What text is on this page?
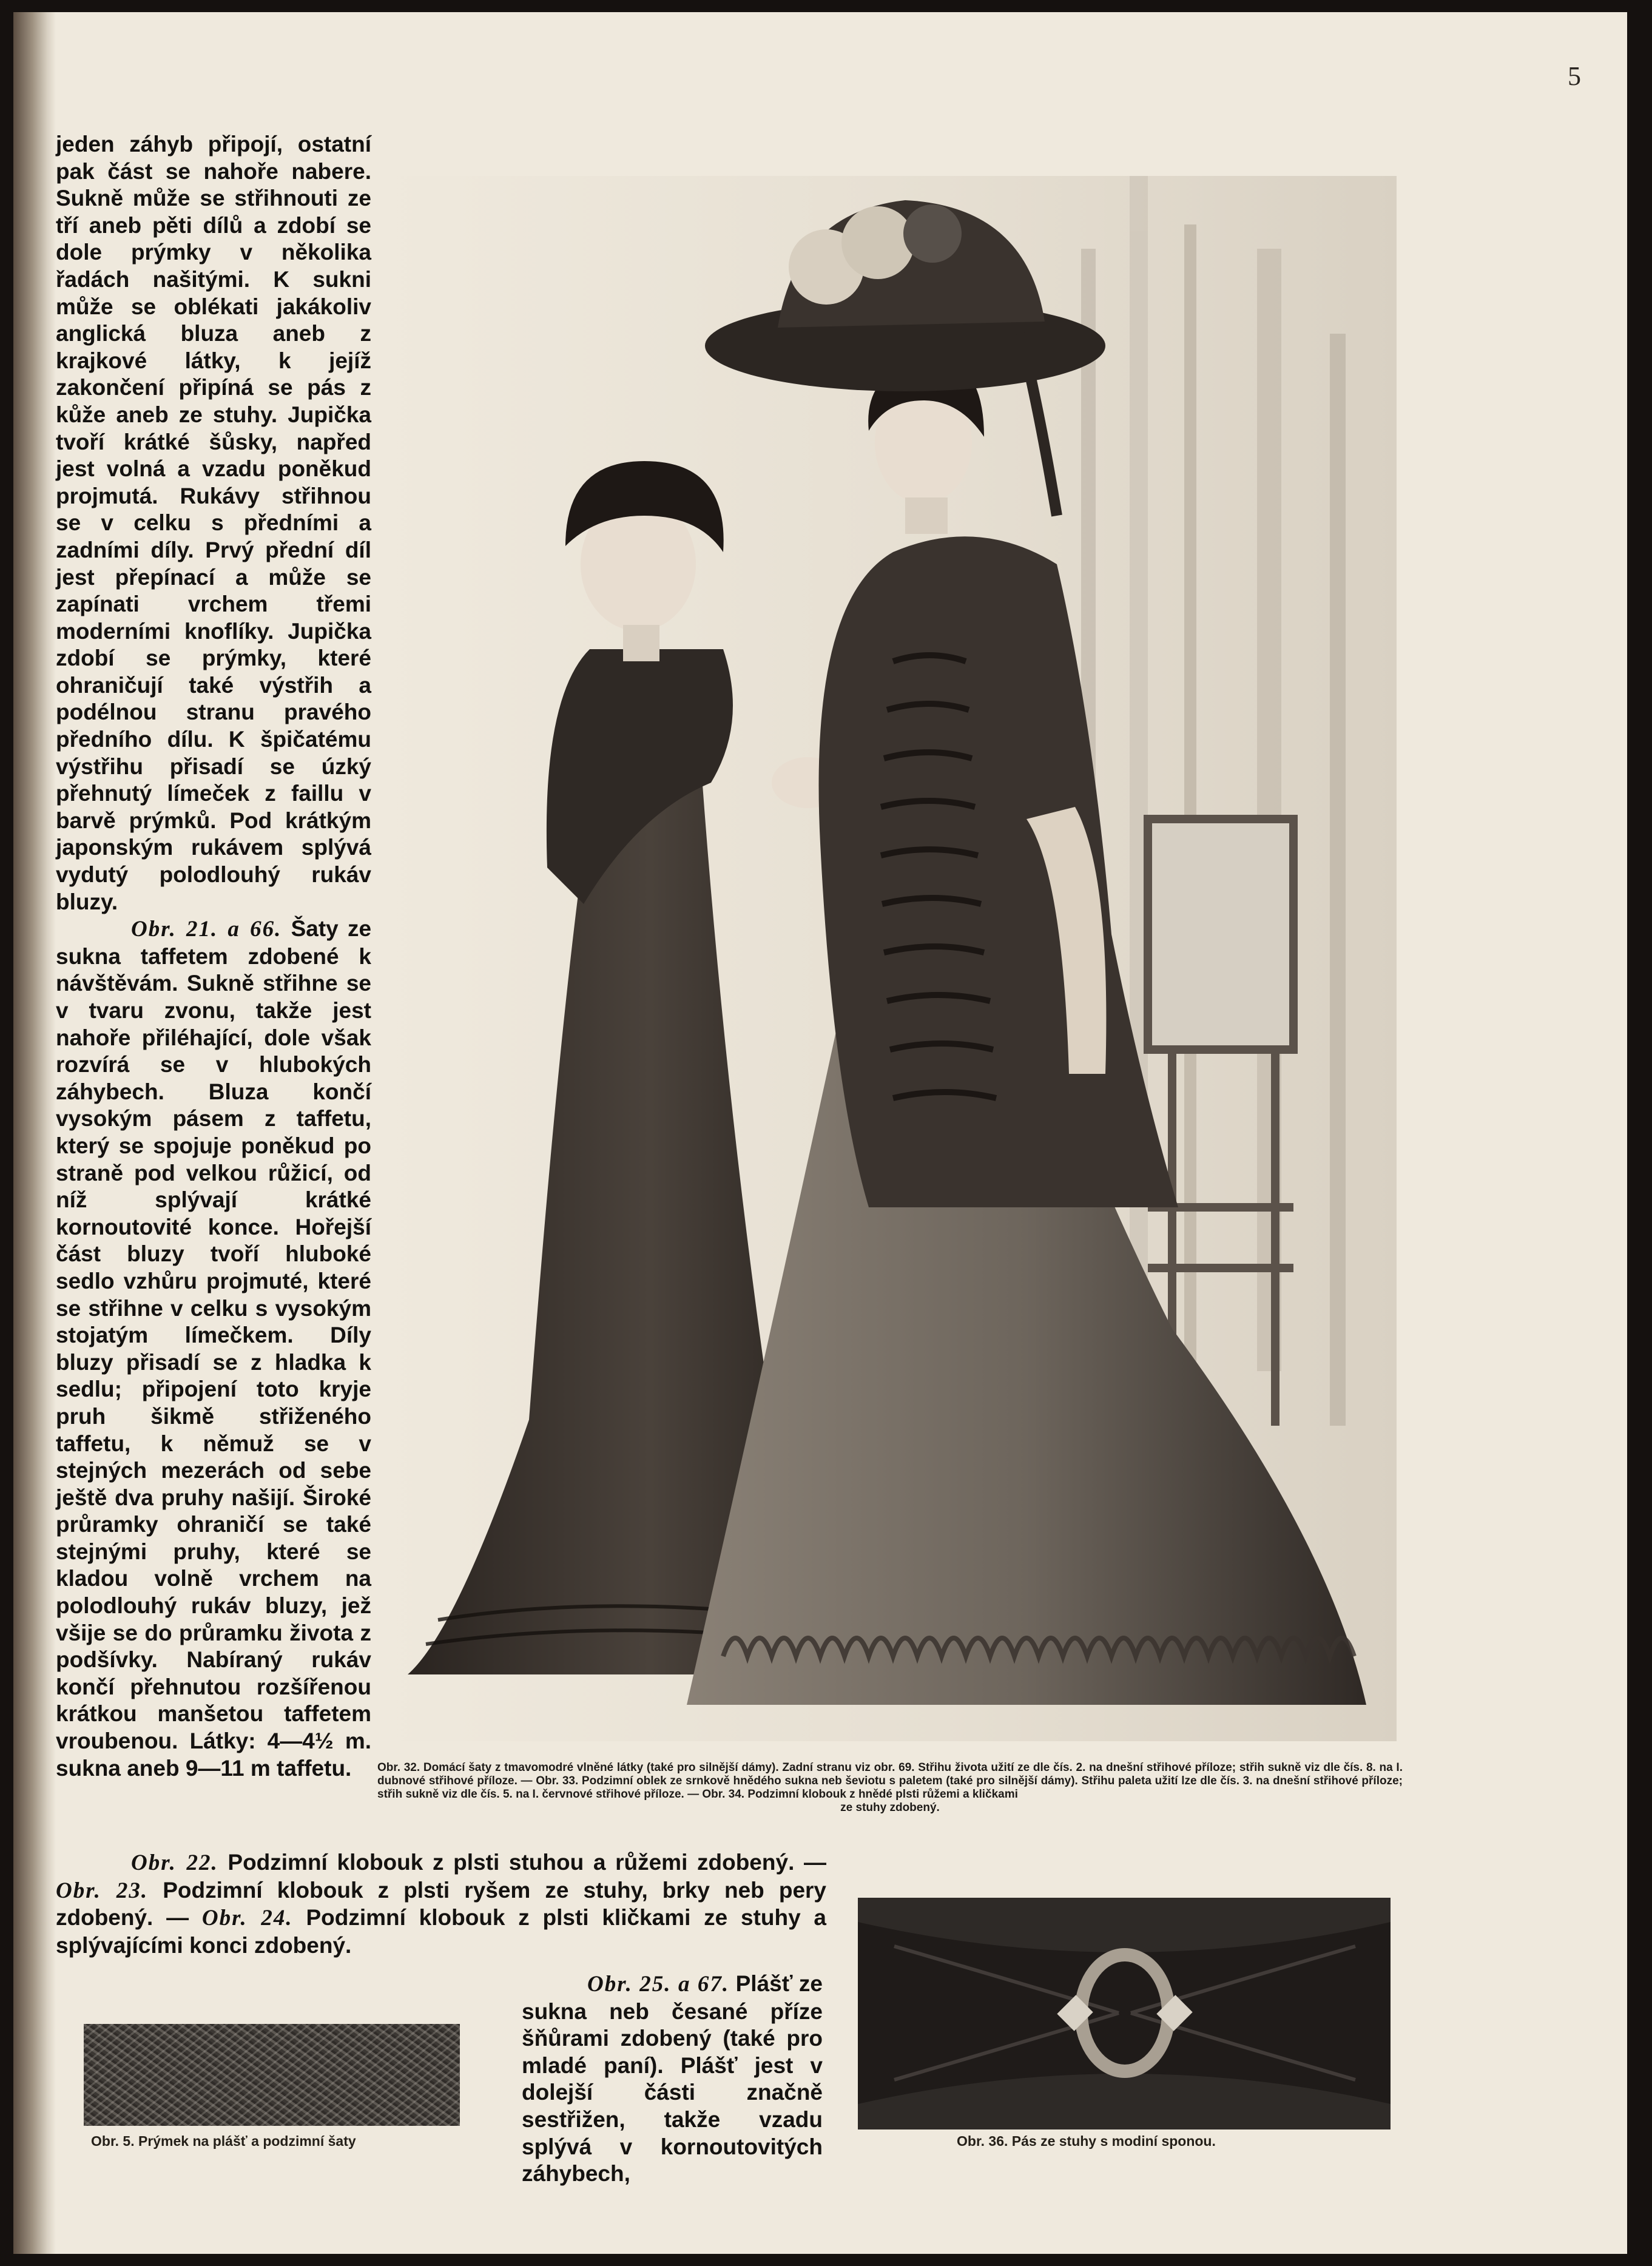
5

jeden záhyb připojí, ostatní pak část se nahoře nabere. Sukně může se střihnouti ze tří aneb pěti dílů a zdobí se dole prýmky v několika řadách našitými. K sukni může se oblékati jakákoliv anglická bluza aneb z krajkové látky, k jejíž zakončení připíná se pás z kůže aneb ze stuhy. Jupička tvoří krátké šůsky, napřed jest volná a vzadu poněkud projmutá. Rukávy střihnou se v celku s předními a zadními díly. Prvý přední díl jest přepínací a může se zapínati vrchem třemi moderními knoflíky. Jupička zdobí se prýmky, které ohraničují také výstřih a podélnou stranu pravého předního dílu. K špičatému výstřihu přisadí se úzký přehnutý límeček z faillu v barvě prýmků. Pod krátkým japonským rukávem splývá vydutý polodlouhý rukáv bluzy.

Obr. 21. a 66. Šaty ze sukna taffetem zdobené k návštěvám. Sukně střihne se v tvaru zvonu, takže jest nahoře přiléhající, dole však rozvírá se v hlubokých záhybech. Bluza končí vysokým pásem z taffetu, který se spojuje poněkud po straně pod velkou růžicí, od níž splývají krátké kornoutovité konce. Hořejší část bluzy tvoří hluboké sedlo vzhůru projmuté, které se střihne v celku s vysokým stojatým límečkem. Díly bluzy přisadí se z hladka k sedlu; připojení toto kryje pruh šikmě střiženého taffetu, k němuž se v stejných mezerách od sebe ještě dva pruhy našijí. Široké průramky ohraničí se také stejnými pruhy, které se kladou volně vrchem na polodlouhý rukáv bluzy, jež všije se do průramku života z podšívky. Nabíraný rukáv končí přehnutou rozšířenou krátkou manšetou taffetem vroubenou. Látky: 4—4½ m. sukna aneb 9—11 m taffetu.	Obr. 32. Domácí šaty z tmavomodré vlněné látky (také pro silnější dámy). Zadní stranu viz obr. 69. Střihu života užití ze dle čís. 2. na dnešní střihové příloze; střih sukně viz dle čís. 8. na I. dubnové střihové příloze. — Obr. 33. Podzimní oblek ze srnkově hnědého sukna neb ševiotu s paletem (také pro silnější dámy). Střihu paleta užití lze dle čís. 3. na dnešní střihové příloze; střih sukně viz dle čís. 5. na I. červnové střihové příloze. — Obr. 34. Podzimní klobouk z hnědé plsti růžemi a kličkami
ze stuhy zdobený.

Obr. 22. Podzimní klobouk z plsti stuhou a růžemi zdobený. — Obr. 23. Podzimní klobouk z plsti ryšem ze stuhy, brky neb pery zdobený. — Obr. 24. Podzimní klobouk z plsti kličkami ze stuhy a splývajícími konci zdobený.

Obr. 25. a 67. Plášť ze sukna neb česané příze šňůrami zdobený (také pro mladé paní). Plášť jest v dolejší části značně sestřižen, takže vzadu splývá v kornoutovitých záhybech,

Obr. 5. Prýmek na plášť a podzimní šaty	Obr. 36. Pás ze stuhy s modiní sponou.
